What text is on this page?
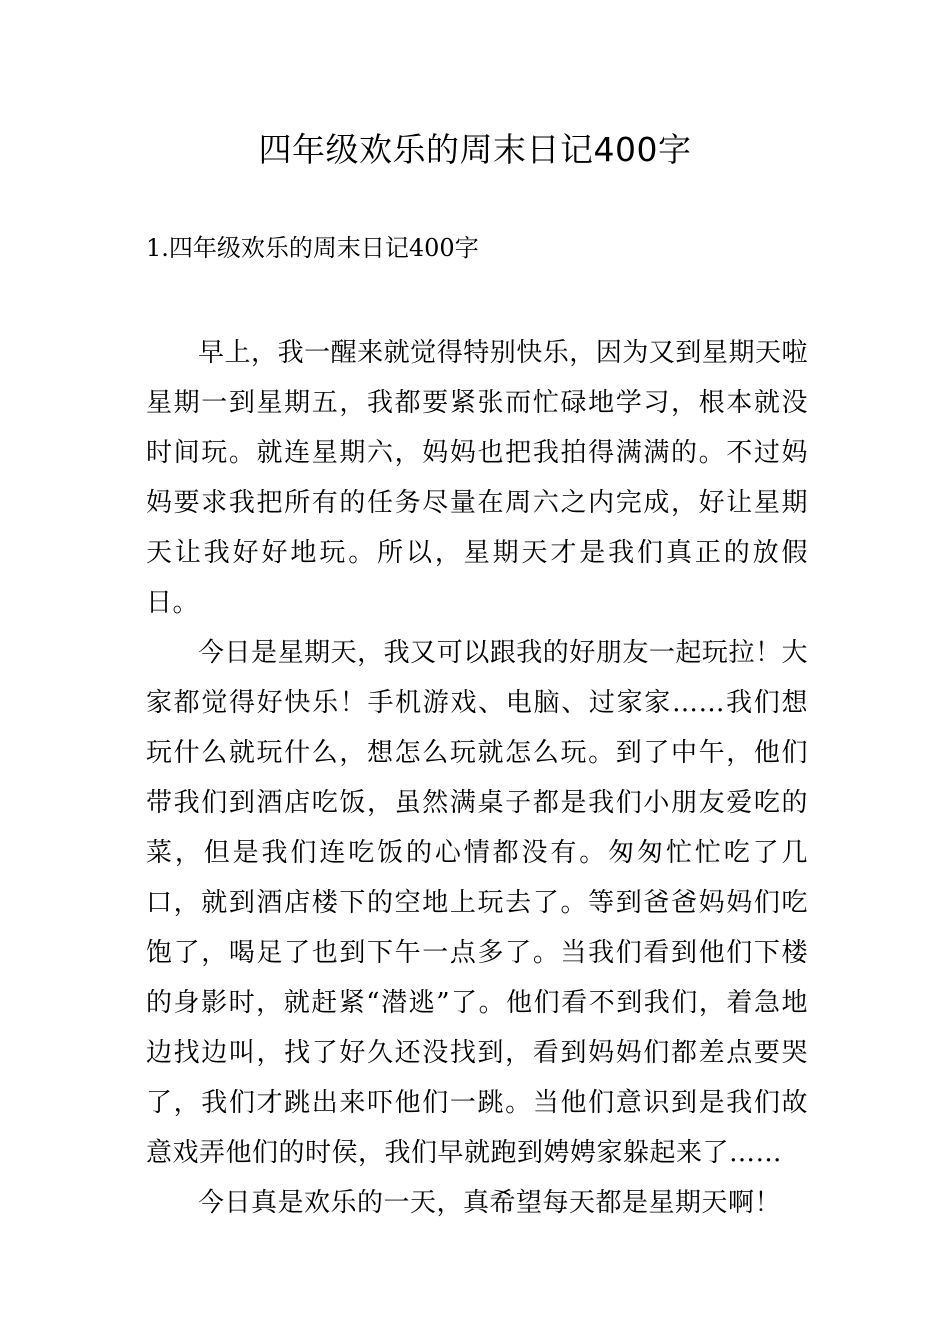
四年级欢乐的周末日记400字
1.四年级欢乐的周末日记400字

早上，我一醒来就觉得特别快乐，因为又到星期天啦星期一到星期五，我都要紧张而忙碌地学习，根本就没时间玩。就连星期六，妈妈也把我拍得满满的。不过妈妈要求我把所有的任务尽量在周六之内完成，好让星期天让我好好地玩。所以，星期天才是我们真正的放假日。

今日是星期天，我又可以跟我的好朋友一起玩拉！大家都觉得好快乐！手机游戏、电脑、过家家……我们想玩什么就玩什么，想怎么玩就怎么玩。到了中午，他们带我们到酒店吃饭，虽然满桌子都是我们小朋友爱吃的菜，但是我们连吃饭的心情都没有。匆匆忙忙吃了几口，就到酒店楼下的空地上玩去了。等到爸爸妈妈们吃饱了，喝足了也到下午一点多了。当我们看到他们下楼的身影时，就赶紧“潜逃”了。他们看不到我们，着急地边找边叫，找了好久还没找到，看到妈妈们都差点要哭了，我们才跳出来吓他们一跳。当他们意识到是我们故意戏弄他们的时侯，我们早就跑到娉娉家躲起来了……

今日真是欢乐的一天，真希望每天都是星期天啊！
